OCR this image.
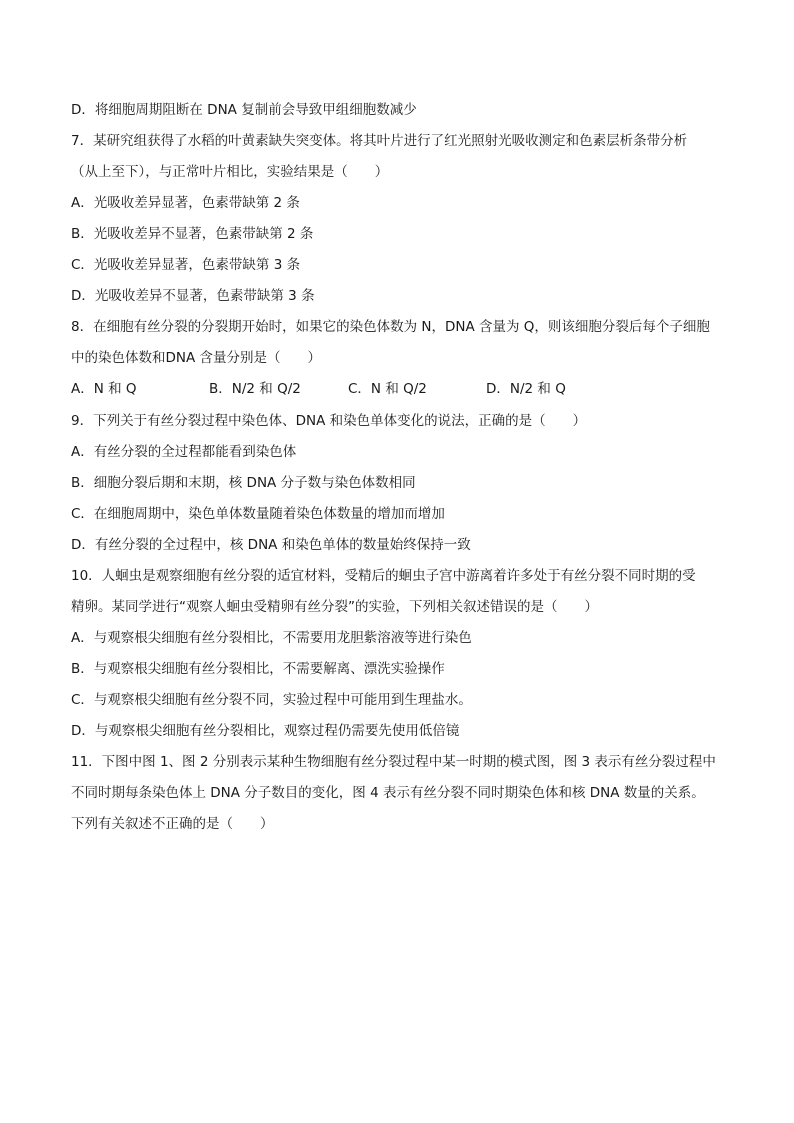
D．将细胞周期阻断在 DNA 复制前会导致甲组细胞数减少
7．某研究组获得了水稻的叶黄素缺失突变体。将其叶片进行了红光照射光吸收测定和色素层析条带分析
（从上至下），与正常叶片相比，实验结果是（　　）
A．光吸收差异显著，色素带缺第 2 条
B．光吸收差异不显著，色素带缺第 2 条
C．光吸收差异显著，色素带缺第 3 条
D．光吸收差异不显著，色素带缺第 3 条
8．在细胞有丝分裂的分裂期开始时，如果它的染色体数为 N，DNA 含量为 Q，则该细胞分裂后每个子细胞
中的染色体数和DNA 含量分别是（　　）
A．N 和 Q	B．N/2 和 Q/2	C．N 和 Q/2	D．N/2 和 Q
9．下列关于有丝分裂过程中染色体、DNA 和染色单体变化的说法，正确的是（　　）
A．有丝分裂的全过程都能看到染色体
B．细胞分裂后期和末期，核 DNA 分子数与染色体数相同
C．在细胞周期中，染色单体数量随着染色体数量的增加而增加
D．有丝分裂的全过程中，核 DNA 和染色单体的数量始终保持一致
10．人蛔虫是观察细胞有丝分裂的适宜材料，受精后的蛔虫子宫中游离着许多处于有丝分裂不同时期的受
精卵。某同学进行“观察人蛔虫受精卵有丝分裂”的实验，下列相关叙述错误的是（　　）
A．与观察根尖细胞有丝分裂相比，不需要用龙胆紫溶液等进行染色
B．与观察根尖细胞有丝分裂相比，不需要解离、漂洗实验操作
C．与观察根尖细胞有丝分裂不同，实验过程中可能用到生理盐水。
D．与观察根尖细胞有丝分裂相比，观察过程仍需要先使用低倍镜
11．下图中图 1、图 2 分别表示某种生物细胞有丝分裂过程中某一时期的模式图，图 3 表示有丝分裂过程中
不同时期每条染色体上 DNA 分子数目的变化，图 4 表示有丝分裂不同时期染色体和核 DNA 数量的关系。
下列有关叙述不正确的是（　　）
